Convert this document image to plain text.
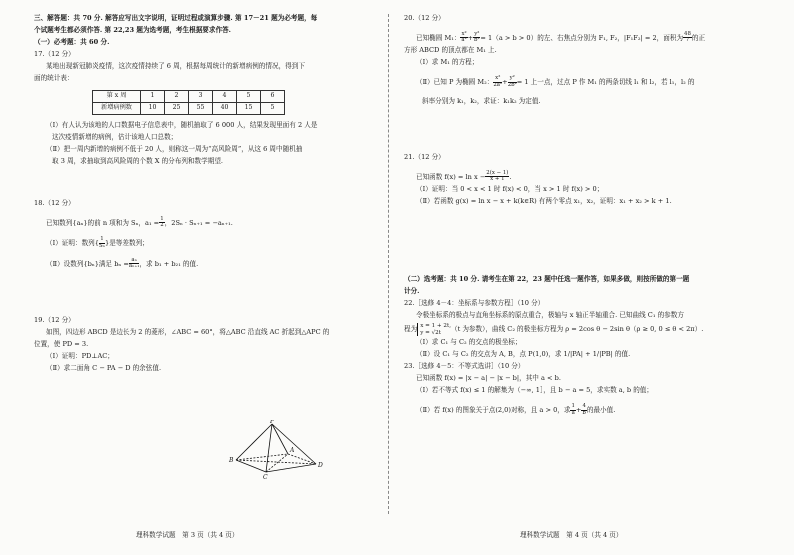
三、解答题：共 70 分. 解答应写出文字说明，证明过程或演算步骤. 第 17－21 题为必考题，每

个试题考生都必须作答. 第 22,23 题为选考题，考生根据要求作答.

（一）必考题：共 60 分.

17.（12 分）

某地出现新冠肺炎疫情，这次疫情持续了 6 周，根据每周统计的新增病例的情况，得到下

面的统计表：

第 x 周	1	2	3	4	5	6
新增病例数	10	25	55	40	15	5

（Ⅰ）有人认为该地的人口数据电子信息表中，随机抽取了 6 000 人，结果发现里面有 2 人是

这次疫情新增的病例，估计该地人口总数；

（Ⅱ）把一周内新增的病例不低于 20 人，则称这一周为“高风险周”，从这 6 周中随机抽

取 3 周，求抽取到高风险周的个数 X 的分布列和数学期望.

18.（12 分）

已知数列{aₙ}的前 n 项和为 Sₙ，$a_1 = \frac{1}{2}$ ，2Sₙ · Sₙ₊₁ = −aₙ₊₁.

（Ⅰ）证明：数列{ $\frac{1}{\text{Sₙ}}$ }是等差数列；

（Ⅱ）设数列{bₙ}满足 $b_n = \frac{\text{aₙ}}{\text{aₙ₊₁}}$ ，求 b₁ + b₂₁ 的值.

19.（12 分）

如图，四边形 ABCD 是边长为 2 的菱形，∠ABC = 60°，将△ABC 沿直线 AC 折起到△APC 的

位置，使 PD = 3.

（Ⅰ）证明：PD⊥AC；

（Ⅱ）求二面角 C − PA − D 的余弦值.

P
A
B
C
D
理科数学试题　第 3 页（共 4 页）

20.（12 分）

已知椭圆 M₁： $\frac{\text{x²}}{\text{a²}} + \frac{\text{y²}}{\text{b²}} = 1(a > b > 0)$的左、右焦点分别为 F₁, F₂，|F₁F₂| = 2，面积为 $\frac{48}{7}$ 的正

方形 ABCD 的顶点都在 M₁ 上.

（Ⅰ）求 M₁ 的方程；

（Ⅱ）已知 P 为椭圆 M₂： $\frac{\text{x²}}{\text{2a²}} + \frac{\text{y²}}{\text{2b²}} = 1$ 上一点，过点 P 作 M₁ 的两条切线 l₁ 和 l₂，若 l₁，l₂ 的

斜率分别为 k₁，k₂，求证：k₁k₂ 为定值.

21.（12 分）

已知函数 $f(x) = \ln x - \frac{2(x - 1)}{x + 1}$ .

（Ⅰ）证明：当 0 < x < 1 时 f(x) < 0，当 x > 1 时 f(x) > 0；

（Ⅱ）若函数 g(x) = ln x − x + k(k∈R) 有两个零点 x₁，x₂，证明：x₁ + x₂ > k + 1.

（二）选考题：共 10 分. 请考生在第 22，23 题中任选一题作答，如果多做，则按所做的第一题

计分.

22.［选修 4－4：坐标系与参数方程］（10 分）

令极坐标系的极点与直角坐标系的原点重合，极轴与 x 轴正半轴重合. 已知曲线 C₁ 的参数方

程为 x = 1 + 2t,
y = √2t	（t 为参数），曲线 C₂ 的极坐标方程为 ρ = 2cos θ − 2sin θ（ρ ≥ 0, 0 ≤ θ < 2π）.

（Ⅰ）求 C₁ 与 C₂ 的交点的极坐标；

（Ⅱ）设 C₁ 与 C₂ 的交点为 A, B，点 P(1,0)，求 1/|PA| + 1/|PB| 的值.

23.［选修 4－5：不等式选讲］（10 分）

已知函数 f(x) = |x − a| − |x − b|，其中 a < b.

（Ⅰ）若不等式 f(x) ≤ 1 的解集为（−∞, 1］，且 b − a = 5，求实数 a, b 的值；

（Ⅱ）若 f(x) 的图象关于点(2,0)对称，且 a > 0，求 $\frac{1}{a} + \frac{4}{b}$ 的最小值.

理科数学试题　第 4 页（共 4 页）
